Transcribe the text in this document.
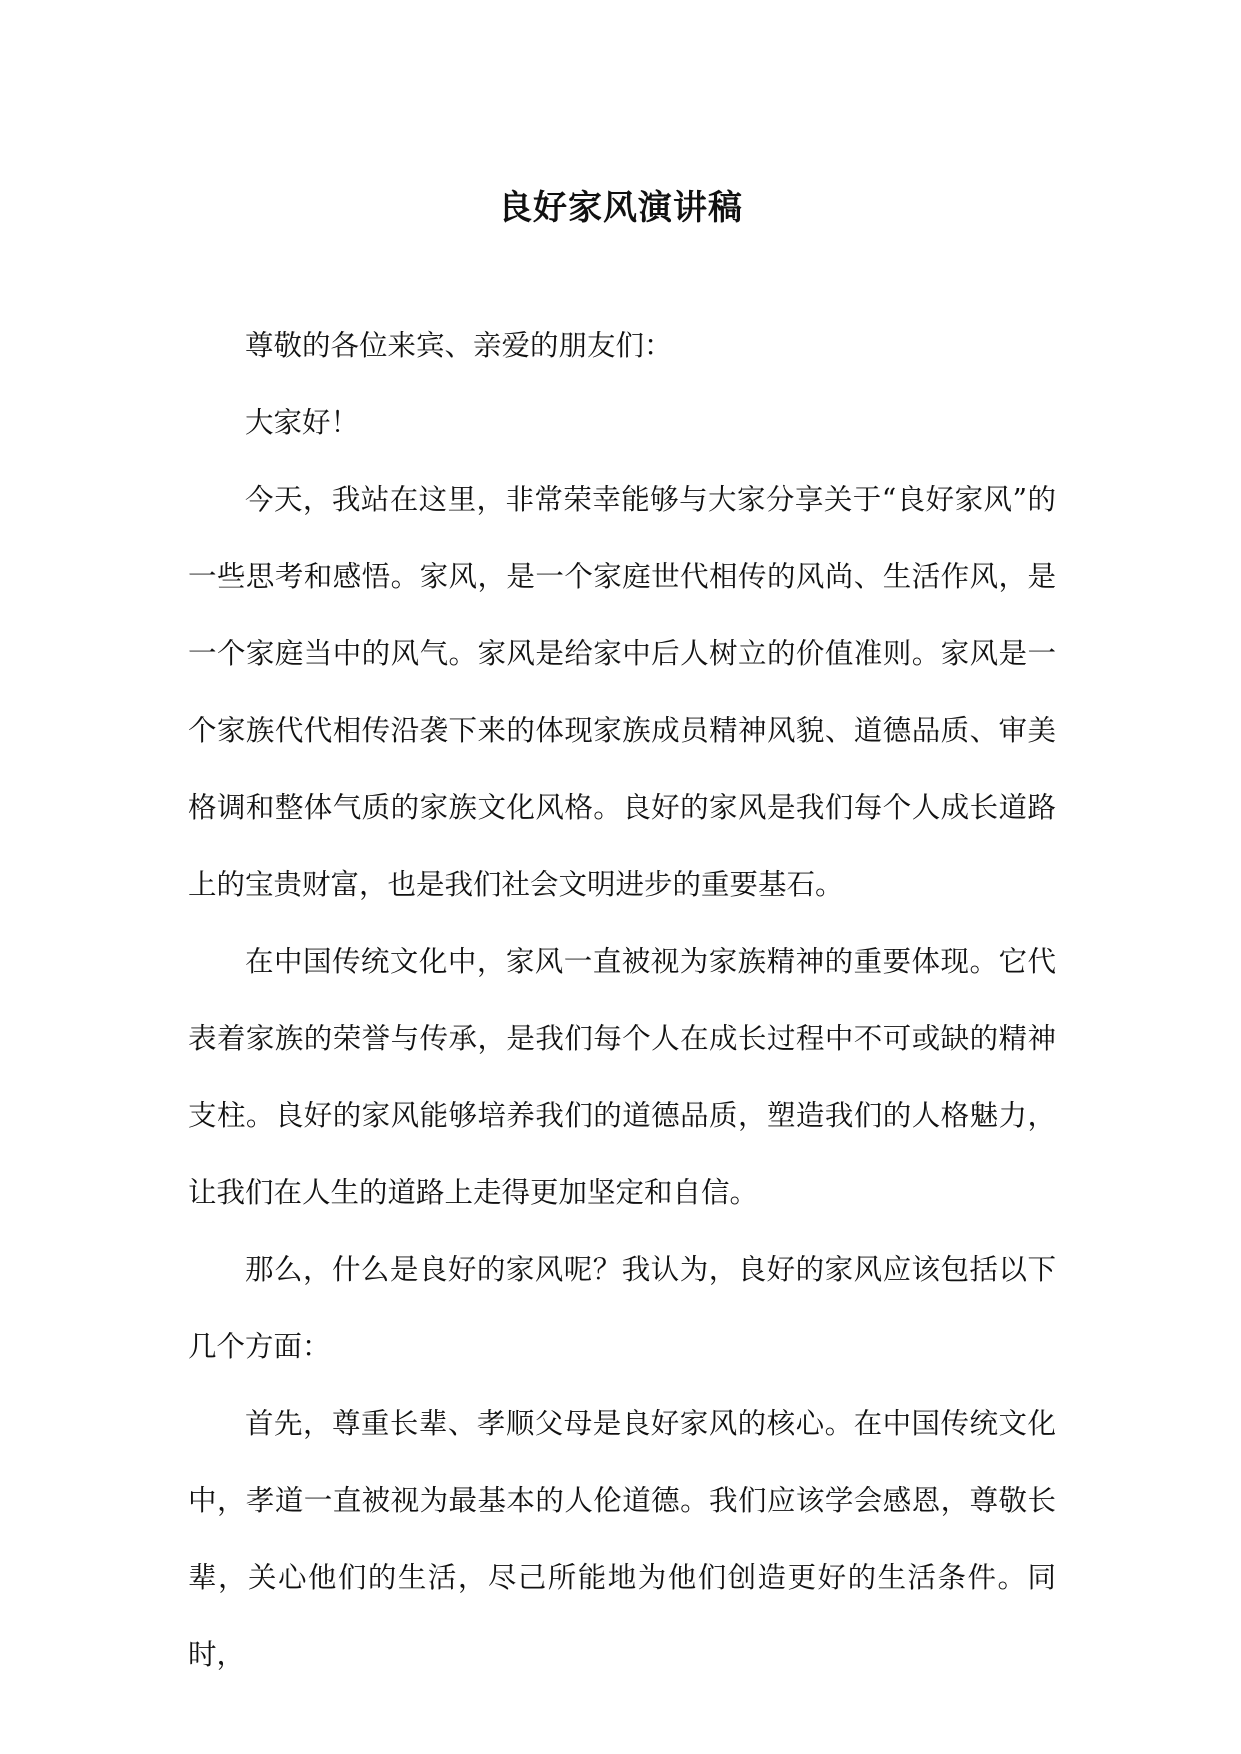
良好家风演讲稿

尊敬的各位来宾、亲爱的朋友们：

大家好！

今天，我站在这里，非常荣幸能够与大家分享关于“良好家风”的一些思考和感悟。家风，是一个家庭世代相传的风尚、生活作风，是一个家庭当中的风气。家风是给家中后人树立的价值准则。家风是一个家族代代相传沿袭下来的体现家族成员精神风貌、道德品质、审美格调和整体气质的家族文化风格。良好的家风是我们每个人成长道路上的宝贵财富，也是我们社会文明进步的重要基石。

在中国传统文化中，家风一直被视为家族精神的重要体现。它代表着家族的荣誉与传承，是我们每个人在成长过程中不可或缺的精神支柱。良好的家风能够培养我们的道德品质，塑造我们的人格魅力，让我们在人生的道路上走得更加坚定和自信。

那么，什么是良好的家风呢？我认为，良好的家风应该包括以下几个方面：

首先，尊重长辈、孝顺父母是良好家风的核心。在中国传统文化中，孝道一直被视为最基本的人伦道德。我们应该学会感恩，尊敬长辈，关心他们的生活，尽己所能地为他们创造更好的生活条件。同时，
